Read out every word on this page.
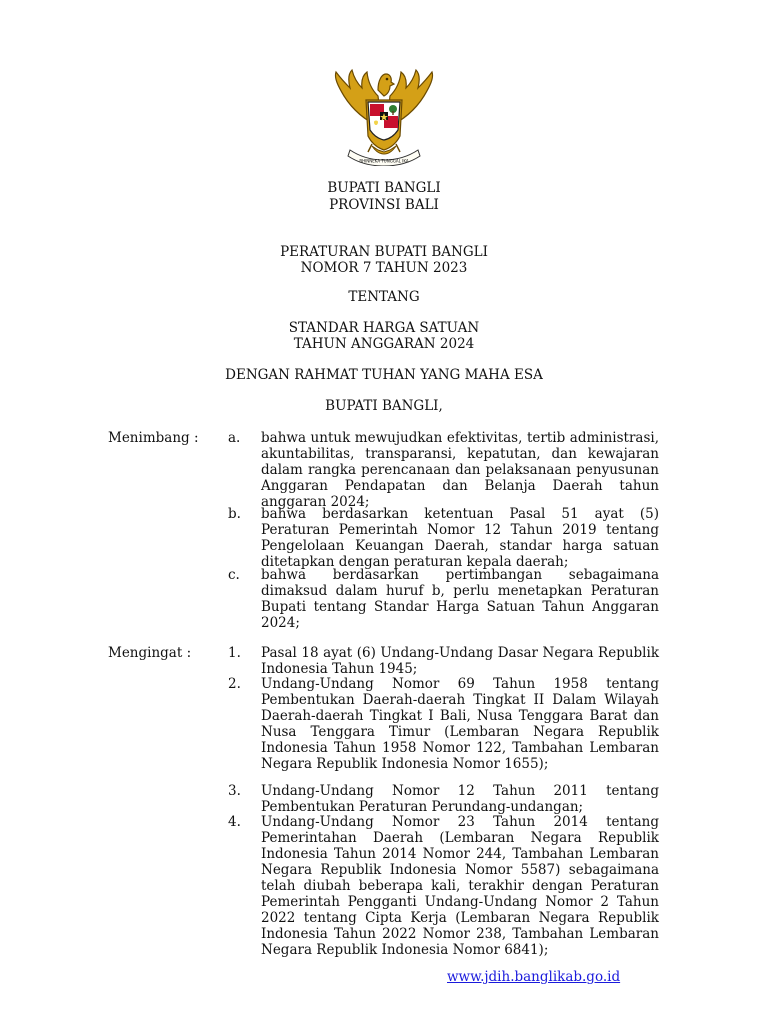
BHINNEKA TUNGGAL IKA
BUPATI BANGLI
PROVINSI BALI
PERATURAN BUPATI BANGLI
NOMOR 7 TAHUN 2023
TENTANG
STANDAR HARGA SATUAN
TAHUN ANGGARAN 2024
DENGAN RAHMAT TUHAN YANG MAHA ESA
BUPATI BANGLI,
Menimbang : a. bahwa untuk mewujudkan efektivitas, tertib administrasi, akuntabilitas, transparansi, kepatutan, dan kewajaran dalam rangka perencanaan dan pelaksanaan penyusunan Anggaran Pendapatan dan Belanja Daerah tahun anggaran 2024;
b. bahwa berdasarkan ketentuan Pasal 51 ayat (5) Peraturan Pemerintah Nomor 12 Tahun 2019 tentang Pengelolaan Keuangan Daerah, standar harga satuan ditetapkan dengan peraturan kepala daerah;
c. bahwa berdasarkan pertimbangan sebagaimana dimaksud dalam huruf b, perlu menetapkan Peraturan Bupati tentang Standar Harga Satuan Tahun Anggaran 2024;
Mengingat :	1. Pasal 18 ayat (6) Undang-Undang Dasar Negara Republik Indonesia Tahun 1945;
2. Undang-Undang Nomor 69 Tahun 1958 tentang Pembentukan Daerah-daerah Tingkat II Dalam Wilayah Daerah-daerah Tingkat I Bali, Nusa Tenggara Barat dan Nusa Tenggara Timur (Lembaran Negara Republik Indonesia Tahun 1958 Nomor 122, Tambahan Lembaran Negara Republik Indonesia Nomor 1655);
3. Undang-Undang Nomor 12 Tahun 2011 tentang Pembentukan Peraturan Perundang-undangan;
4. Undang-Undang Nomor 23 Tahun 2014 tentang Pemerintahan Daerah (Lembaran Negara Republik Indonesia Tahun 2014 Nomor 244, Tambahan Lembaran Negara Republik Indonesia Nomor 5587) sebagaimana telah diubah beberapa kali, terakhir dengan Peraturan Pemerintah Pengganti Undang-Undang Nomor 2 Tahun 2022 tentang Cipta Kerja (Lembaran Negara Republik Indonesia Tahun 2022 Nomor 238, Tambahan Lembaran Negara Republik Indonesia Nomor 6841);
www.jdih.banglikab.go.id
